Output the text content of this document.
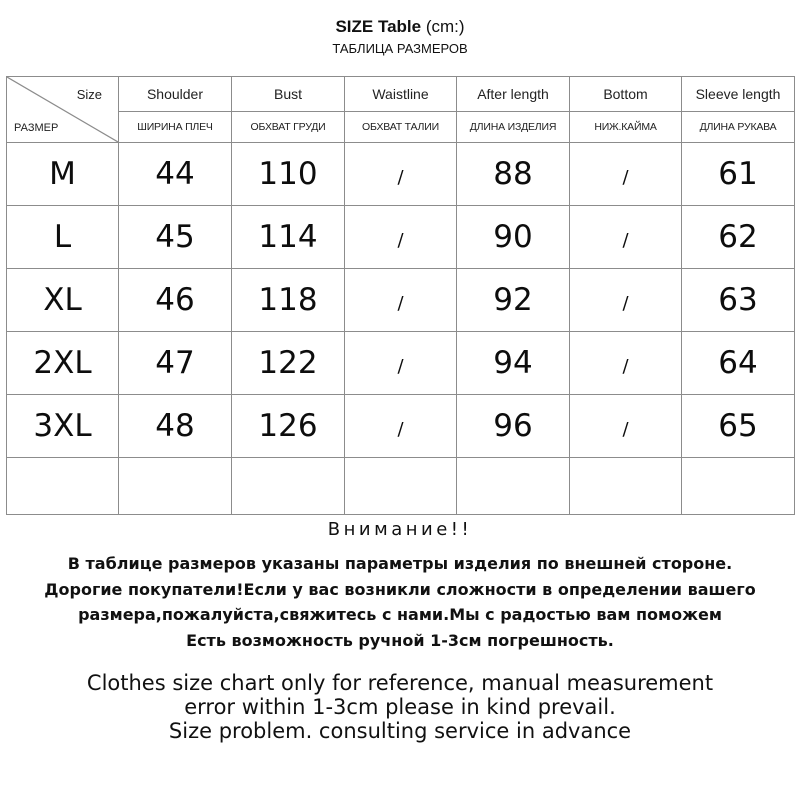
SIZE Table (cm:)
ТАБЛИЦА РАЗМЕРОВ
Size
РАЗМЕР	Shoulder	Bust	Waistline	After length	Bottom	Sleeve length
	ШИРИНА ПЛЕЧ	ОБХВАТ ГРУДИ	ОБХВАТ ТАЛИИ	ДЛИНА ИЗДЕЛИЯ	НИЖ.КАЙМА	ДЛИНА РУКАВА
M	44	110	/	88	/	61
L	45	114	/	90	/	62
XL	46	118	/	92	/	63
2XL	47	122	/	94	/	64
3XL	48	126	/	96	/	65

Внимание!!
В таблице размеров указаны параметры изделия по внешней стороне.
Дорогие покупатели!Если у вас возникли сложности в определении вашего
размера,пожалуйста,свяжитесь с нами.Мы с радостью вам поможем
Есть возможность ручной 1-3см погрешность.
Clothes size chart only for reference, manual measurement
error within 1-3cm please in kind prevail.
Size problem. consulting service in advance
